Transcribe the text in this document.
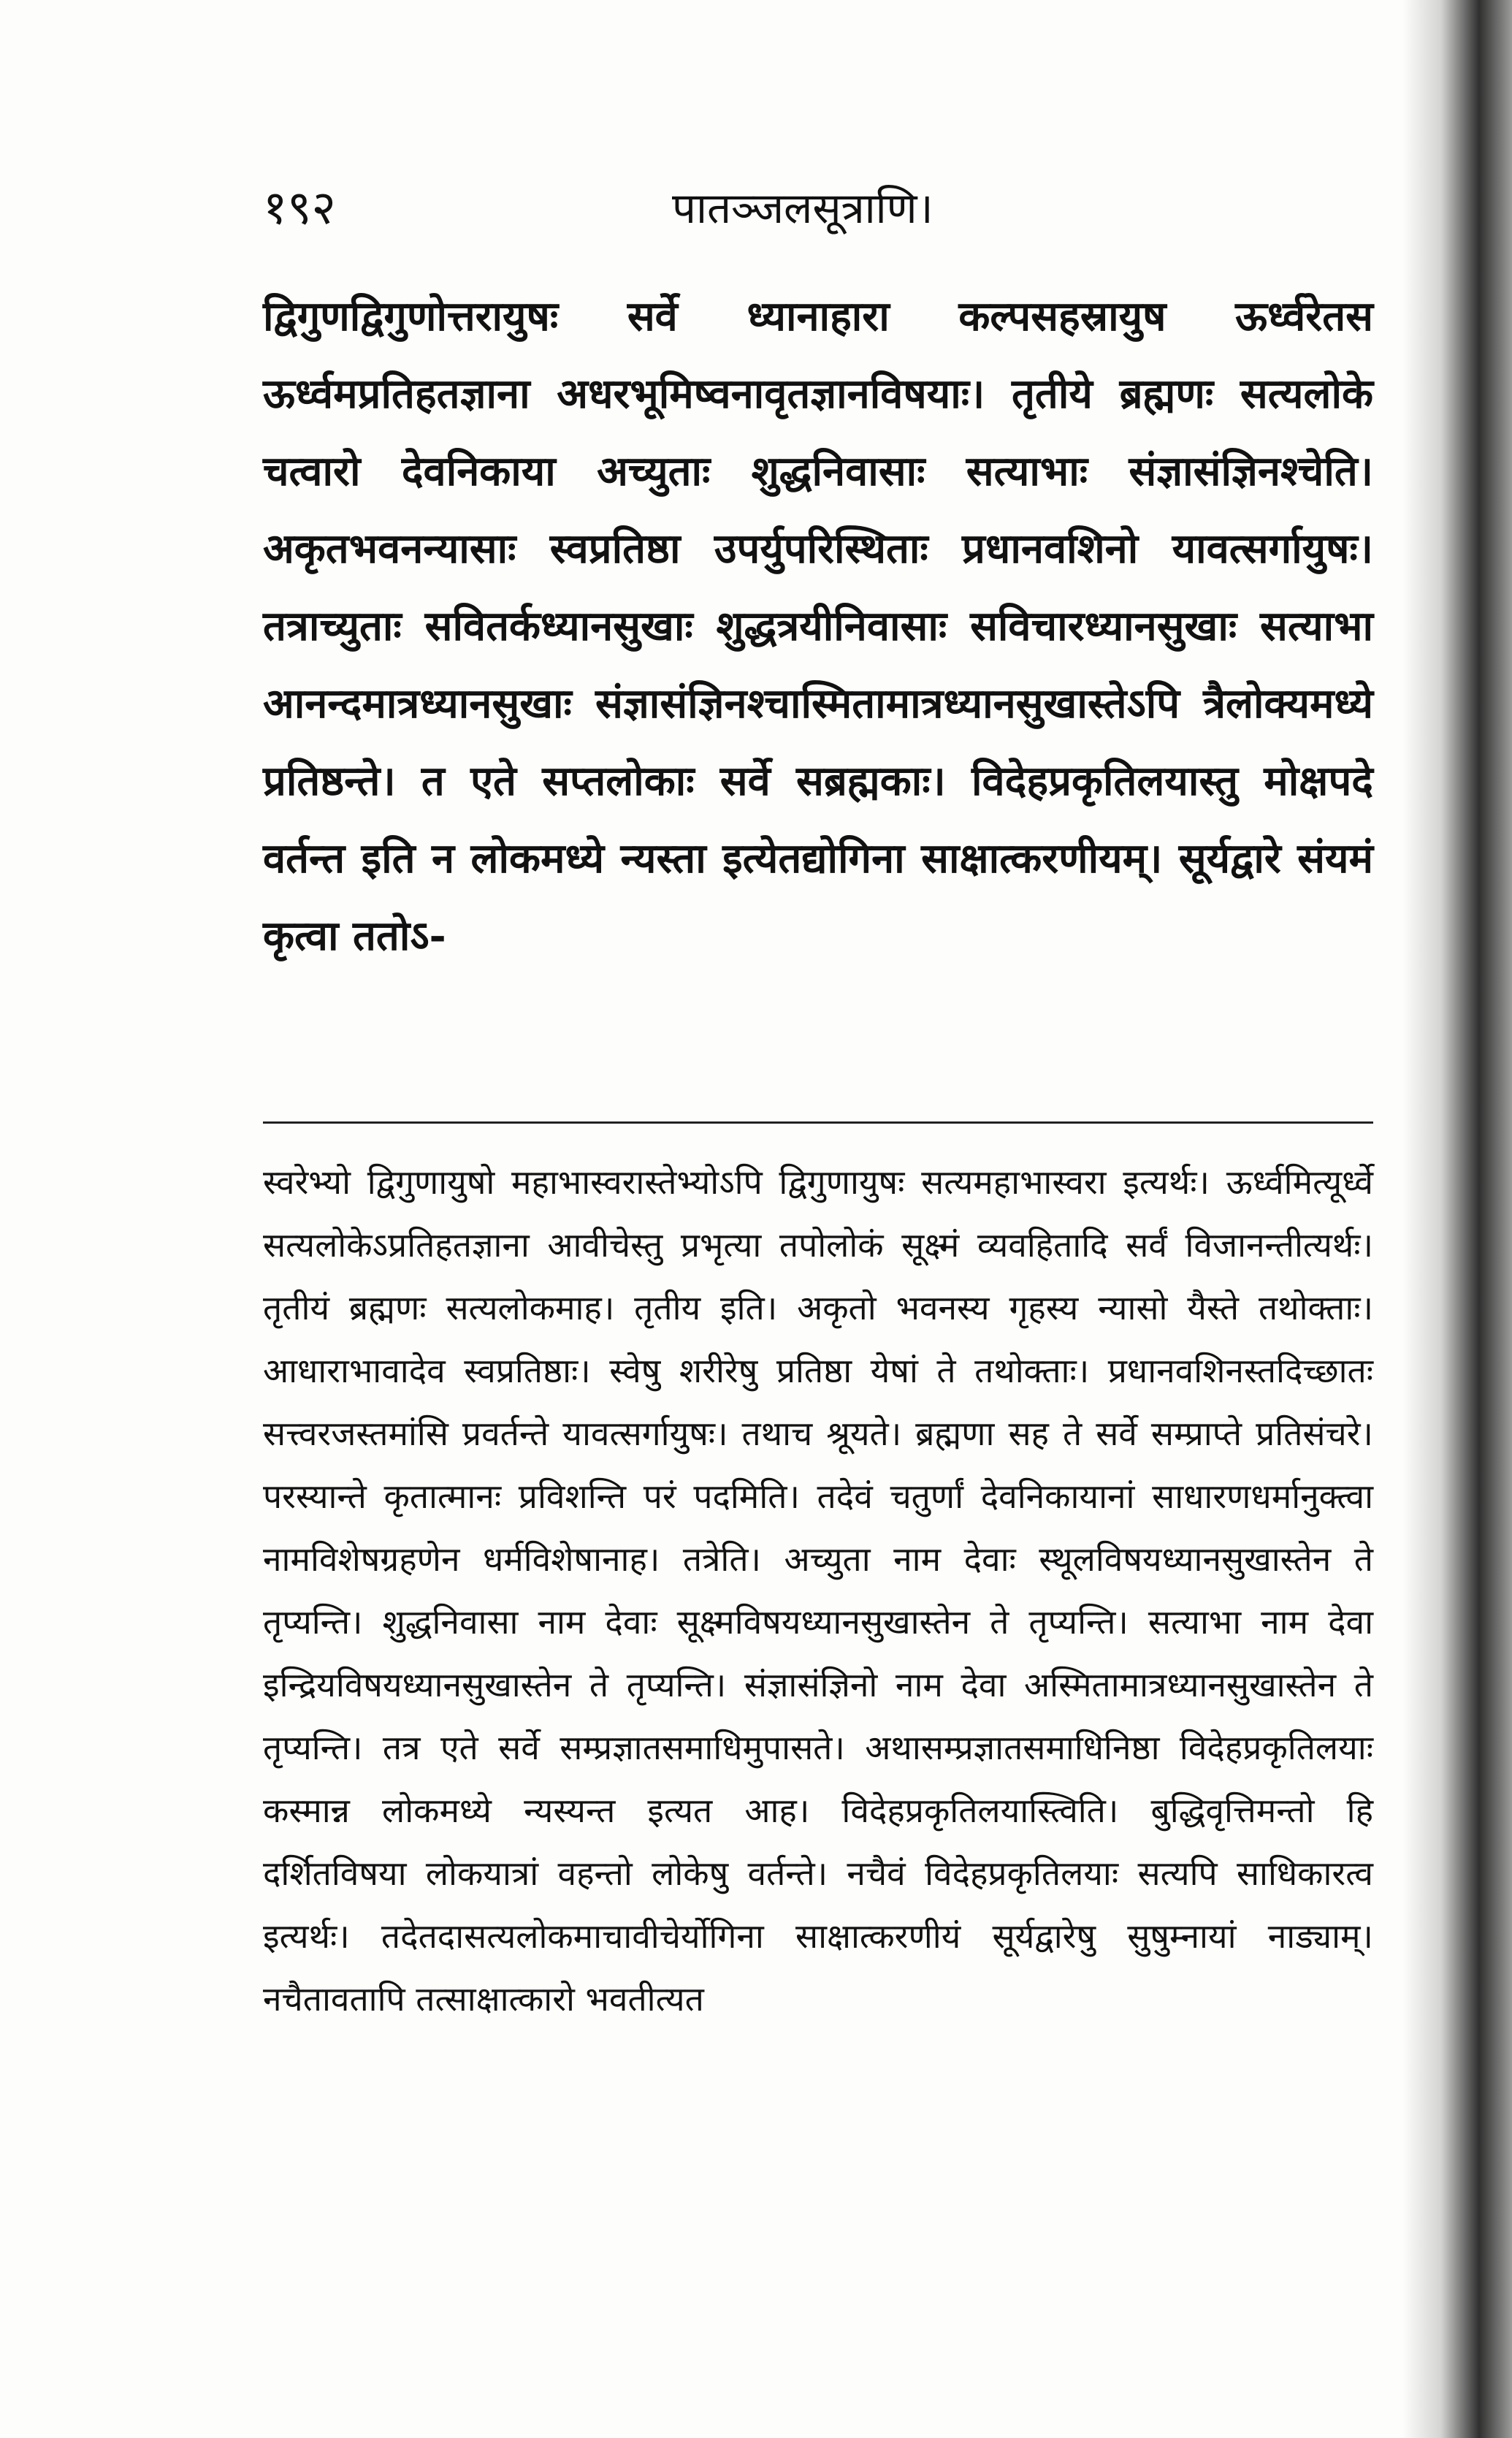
१९२	पातञ्जलसूत्राणि।
द्विगुणद्विगुणोत्तरायुषः सर्वे ध्यानाहारा कल्पसहस्रायुष ऊर्ध्वरेतस ऊर्ध्वमप्रतिहतज्ञाना अधरभूमिष्वनावृतज्ञानविषयाः। तृतीये ब्रह्मणः सत्यलोके चत्वारो देवनिकाया अच्युताः शुद्धनिवासाः सत्याभाः संज्ञासंज्ञिनश्चेति। अकृतभवनन्यासाः स्वप्रतिष्ठा उपर्युपरिस्थिताः प्रधानवशिनो यावत्सर्गायुषः। तत्राच्युताः सवितर्कध्यानसुखाः शुद्धत्रयीनिवासाः सविचारध्यानसुखाः सत्याभा आनन्दमात्रध्यानसुखाः संज्ञासंज्ञिनश्चास्मितामात्रध्यानसुखास्तेऽपि त्रैलोक्यमध्ये प्रतिष्ठन्ते। त एते सप्तलोकाः सर्वे सब्रह्मकाः। विदेहप्रकृतिलयास्तु मोक्षपदे वर्तन्त इति न लोकमध्ये न्यस्ता इत्येतद्योगिना साक्षात्करणीयम्। सूर्यद्वारे संयमं कृत्वा ततोऽ-
स्वरेभ्यो द्विगुणायुषो महाभास्वरास्तेभ्योऽपि द्विगुणायुषः सत्यमहाभास्वरा इत्यर्थः। ऊर्ध्वमित्यूर्ध्वे सत्यलोकेऽप्रतिहतज्ञाना आवीचेस्तु प्रभृत्या तपोलोकं सूक्ष्मं व्यवहितादि सर्वं विजानन्तीत्यर्थः। तृतीयं ब्रह्मणः सत्यलोकमाह। तृतीय इति। अकृतो भवनस्य गृहस्य न्यासो यैस्ते तथोक्ताः। आधाराभावादेव स्वप्रतिष्ठाः। स्वेषु शरीरेषु प्रतिष्ठा येषां ते तथोक्ताः। प्रधानवशिनस्तदिच्छातः सत्त्वरजस्तमांसि प्रवर्तन्ते यावत्सर्गायुषः। तथाच श्रूयते। ब्रह्मणा सह ते सर्वे सम्प्राप्ते प्रतिसंचरे। परस्यान्ते कृतात्मानः प्रविशन्ति परं पदमिति। तदेवं चतुर्णां देवनिकायानां साधारणधर्मानुक्त्वा नामविशेषग्रहणेन धर्मविशेषानाह। तत्रेति। अच्युता नाम देवाः स्थूलविषयध्यानसुखास्तेन ते तृप्यन्ति। शुद्धनिवासा नाम देवाः सूक्ष्मविषयध्यानसुखास्तेन ते तृप्यन्ति। सत्याभा नाम देवा इन्द्रियविषयध्यानसुखास्तेन ते तृप्यन्ति। संज्ञासंज्ञिनो नाम देवा अस्मितामात्रध्यानसुखास्तेन ते तृप्यन्ति। तत्र एते सर्वे सम्प्रज्ञातसमाधिमुपासते। अथासम्प्रज्ञातसमाधिनिष्ठा विदेहप्रकृतिलयाः कस्मान्न लोकमध्ये न्यस्यन्त इत्यत आह। विदेहप्रकृतिलयास्त्विति। बुद्धिवृत्तिमन्तो हि दर्शितविषया लोकयात्रां वहन्तो लोकेषु वर्तन्ते। नचैवं विदेहप्रकृतिलयाः सत्यपि साधिकारत्व इत्यर्थः। तदेतदासत्यलोकमाचावीचेर्योगिना साक्षात्करणीयं सूर्यद्वारेषु सुषुम्नायां नाड्याम्। नचैतावतापि तत्साक्षात्कारो भवतीत्यत
